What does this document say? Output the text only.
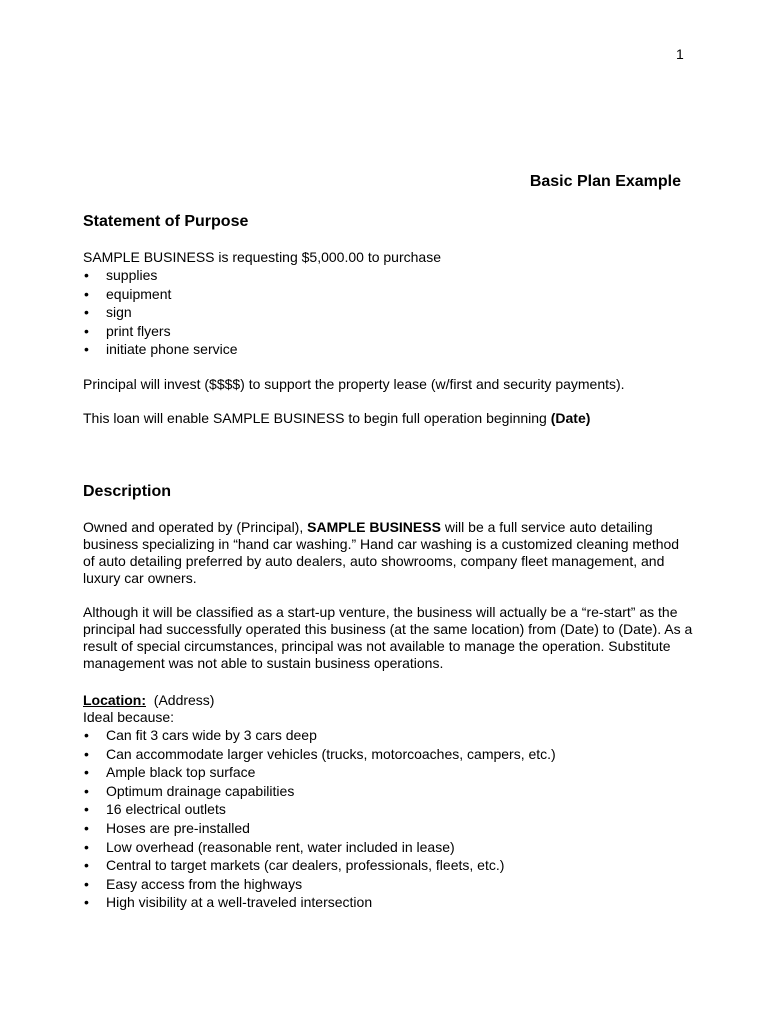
1
Basic Plan Example
Statement of Purpose

SAMPLE BUSINESS is requesting $5,000.00 to purchase

• supplies
• equipment
• sign
• print flyers
• initiate phone service

Principal will invest ($$$$) to support the property lease (w/first and security payments).

This loan will enable SAMPLE BUSINESS to begin full operation beginning (Date)

Description

Owned and operated by (Principal), SAMPLE BUSINESS will be a full service auto detailing business specializing in “hand car washing.” Hand car washing is a customized cleaning method of auto detailing preferred by auto dealers, auto showrooms, company fleet management, and luxury car owners.

Although it will be classified as a start-up venture, the business will actually be a “re-start” as the principal had successfully operated this business (at the same location) from (Date) to (Date). As a result of special circumstances, principal was not available to manage the operation. Substitute management was not able to sustain business operations.

Location:  (Address)

Ideal because:

• Can fit 3 cars wide by 3 cars deep
• Can accommodate larger vehicles (trucks, motorcoaches, campers, etc.)
• Ample black top surface
• Optimum drainage capabilities
• 16 electrical outlets
• Hoses are pre-installed
• Low overhead (reasonable rent, water included in lease)
• Central to target markets (car dealers, professionals, fleets, etc.)
• Easy access from the highways
• High visibility at a well-traveled intersection
